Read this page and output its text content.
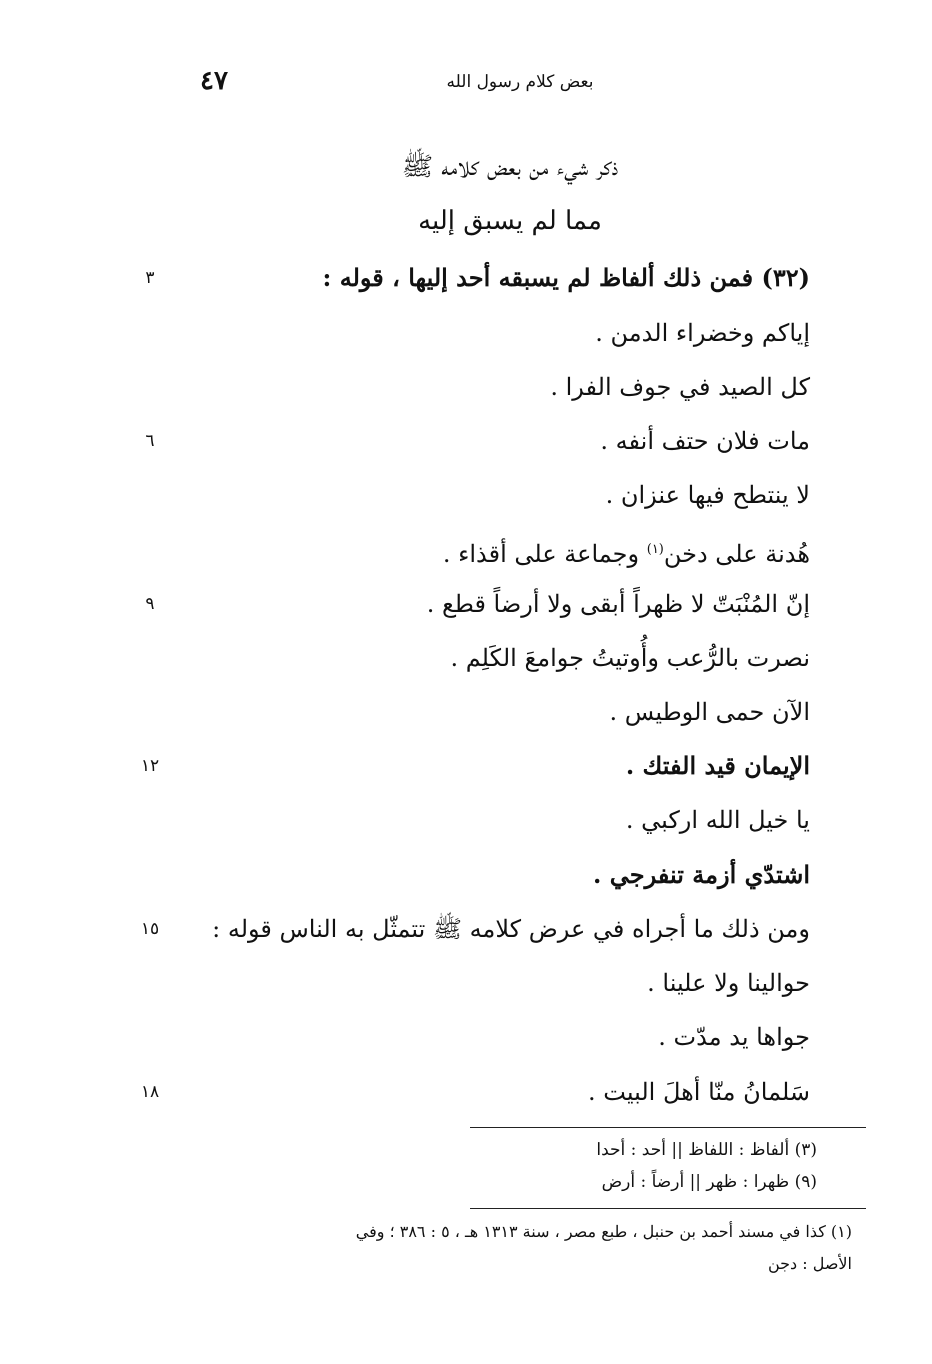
بعض كلام رسول الله
٤٧
ذكر شيء من بعض كلامه ﷺ
مما لم يسبق إليه
(٣٢) فمن ذلك ألفاظ لم يسبقه أحد إليها ، قوله :
٣
إياكم وخضراء الدمن .
كل الصيد في جوف الفرا .
مات فلان حتف أنفه .
٦
لا ينتطح فيها عنزان .
هُدنة على دخن$^{(١)}$ وجماعة على أقذاء .
إنّ المُنْبَتّ لا ظهراً أبقى ولا أرضاً قطع .
٩
نصرت بالرُّعب وأُوتيتُ جوامعَ الكَلِم .
الآن حمى الوطيس .
الإيمان قيد الفتك .
١٢
يا خيل الله اركبي .
اشتدّي أزمة تنفرجي .
ومن ذلك ما أجراه في عرض كلامه ﷺ تتمثّل به الناس قوله :
١٥
حوالينا ولا علينا .
جواها يد مدّت .
سَلمانُ منّا أهلَ البيت .
١٨
(٣) ألفاظ : اللفاظ || أحد : أحدا
(٩) ظهرا : ظهر || أرضاً : أرض
(١) كذا في مسند أحمد بن حنبل ، طبع مصر ، سنة ١٣١٣ هـ ، ٥ : ٣٨٦ ؛ وفي
الأصل : دجن
